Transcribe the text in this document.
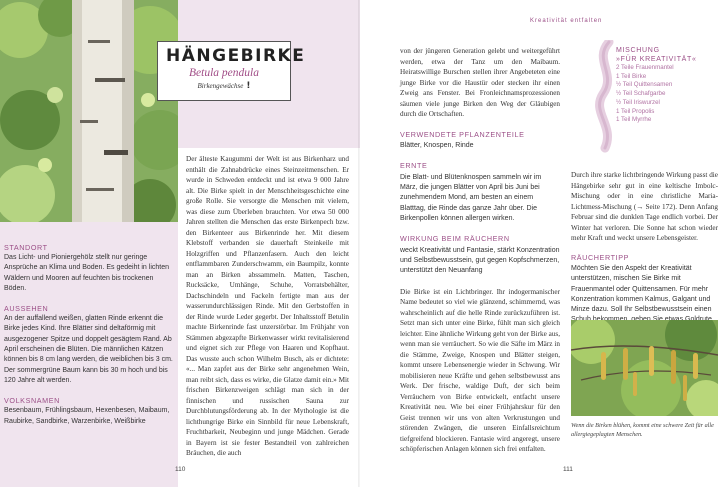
HÄNGEBIRKE
Betula pendula
Birkengewächse !
STANDORT

Das Licht- und Pioniergehölz stellt nur geringe Ansprüche an Klima und Boden. Es gedeiht in lichten Wäldern und Mooren auf feuchten bis trockenen Böden.

AUSSEHEN

An der auffallend weißen, glatten Rinde erkennt die Birke jedes Kind. Ihre Blätter sind deltaförmig mit ausgezogener Spitze und doppelt gesägtem Rand. Ab April erscheinen die Blüten. Die männlichen Kätzen können bis 8 cm lang werden, die weiblichen bis 3 cm. Der sommergrüne Baum kann bis 30 m hoch und bis 120 Jahre alt werden.

VOLKSNAMEN

Besenbaum, Frühlingsbaum, Hexenbesen, Maibaum, Raubirke, Sandbirke, Warzenbirke, Weißbirke

Der älteste Kaugummi der Welt ist aus Birkenharz und enthält die Zahnabdrücke eines Steinzeitmenschen. Er wurde in Schweden entdeckt und ist etwa 9 000 Jahre alt. Die Birke spielt in der Menschheitsgeschichte eine große Rolle. Sie versorgte die Menschen mit vielem, was diese zum Überleben brauchten. Vor etwa 50 000 Jahren stellten die Menschen das erste Birkenpech bzw. den Birkenteer aus Birkenrinde her. Mit diesem Klebstoff verbanden sie dauerhaft Steinkeile mit Holzgriffen und Pflanzenfasern. Auch den leicht entflammbaren Zunderschwamm, ein Baumpilz, konnte man an Birken abssammeln. Matten, Taschen, Rucksäcke, Umhänge, Schuhe, Vorratsbehälter, Dachschindeln und Fackeln fertigte man aus der wasserundurchlässigen Rinde. Mit den Gerbstoffen in der Rinde wurde Leder gegerbt. Der Inhaltsstoff Betulin machte Birkenrinde fast unzerstörbar. Im Frühjahr von Stämmen abgezapfte Birkenwasser wirkt revitalisierend und eignet sich zur Pflege von Haaren und Kopfhaut. Das wusste auch schon Wilhelm Busch, als er dichtete: «... Man zapfet aus der Birke sehr angenehmen Wein, man reibt sich, dass es wirke, die Glatze damit ein.» Mit frischen Birkenzweigen schlägt man sich in der finnischen und russischen Sauna zur Durchblutungsförderung ab. In der Mythologie ist die lichthungrige Birke ein Sinnbild für neue Lebenskraft, Fruchtbarkeit, Neubeginn und junge Mädchen. Gerade in Bayern ist sie fester Bestandteil von zahlreichen Bräuchen, die auch

110
Kreativität entfalten

von der jüngeren Generation gelebt und weitergeführt werden, etwa der Tanz um den Maibaum. Heiratswillige Burschen stellen ihrer Angebeteten eine junge Birke vor die Haustür oder stecken ihr einen Zweig ans Fenster. Bei Fronleichnamsprozessionen säumen viele junge Birken den Weg der Gläubigen durch die Ortschaften.

VERWENDETE PFLANZENTEILE

Blätter, Knospen, Rinde

ERNTE

Die Blatt- und Blütenknospen sammeln wir im März, die jungen Blätter von April bis Juni bei zunehmendem Mond, am besten an einem Blatttag, die Rinde das ganze Jahr über. Die Birkenpollen können allergen wirken.

WIRKUNG BEIM RÄUCHERN

weckt Kreativität und Fantasie, stärkt Konzentration und Selbstbewusstsein, gut gegen Kopfschmerzen, unterstützt den Neuanfang

Die Birke ist ein Lichtbringer. Ihr indogermanischer Name bedeutet so viel wie glänzend, schimmernd, was wahrscheinlich auf die helle Rinde zurückzuführen ist. Setzt man sich unter eine Birke, fühlt man sich gleich leichter. Eine ähnliche Wirkung geht von der Birke aus, wenn man sie verräuchert. So wie die Säfte im März in die Stämme, Zweige, Knospen und Blätter steigen, kommt unsere Lebensenergie wieder in Schwung. Wir mobilisieren neue Kräfte und gehen selbstbewusst ans Werk. Der frische, waldige Duft, der sich beim Verräuchern von Birke entwickelt, entfacht unsere Kreativität neu. Wie bei einer Frühjahrskur für den Geist trennen wir uns von alten Verkrustungen und störenden Zwängen, die unseren Einfallsreichtum tiefgreifend blockieren. Fantasie wird angeregt, unsere schöpferischen Anlagen können sich frei entfalten.

MISCHUNG
»FÜR KREATIVITÄT«
2 Teile Frauenmantel
1 Teil Birke
½ Teil Quittensamen
½ Teil Schafgarbe
½ Teil Iriswurzel
1 Teil Propolis
1 Teil Myrrhe

Durch ihre starke lichtbringende Wirkung passt die Hängebirke sehr gut in eine keltische Imbolc-Mischung oder in eine christliche Maria-Lichtmess-Mischung (→ Seite 172). Denn Anfang Februar sind die dunklen Tage endlich vorbei. Der Winter hat verloren. Die Sonne hat schon wieder mehr Kraft und weckt unsere Lebensgeister.

RÄUCHERTIPP

Möchten Sie den Aspekt der Kreativität unterstützen, mischen Sie Birke mit Frauenmantel oder Quittensamen. Für mehr Konzentration kommen Kalmus, Galgant und Minze dazu. Soll Ihr Selbstbewusstsein einen

Wenn die Birken blühen, kommt eine schwere Zeit für alle allergiegeplagten Menschen.

111
